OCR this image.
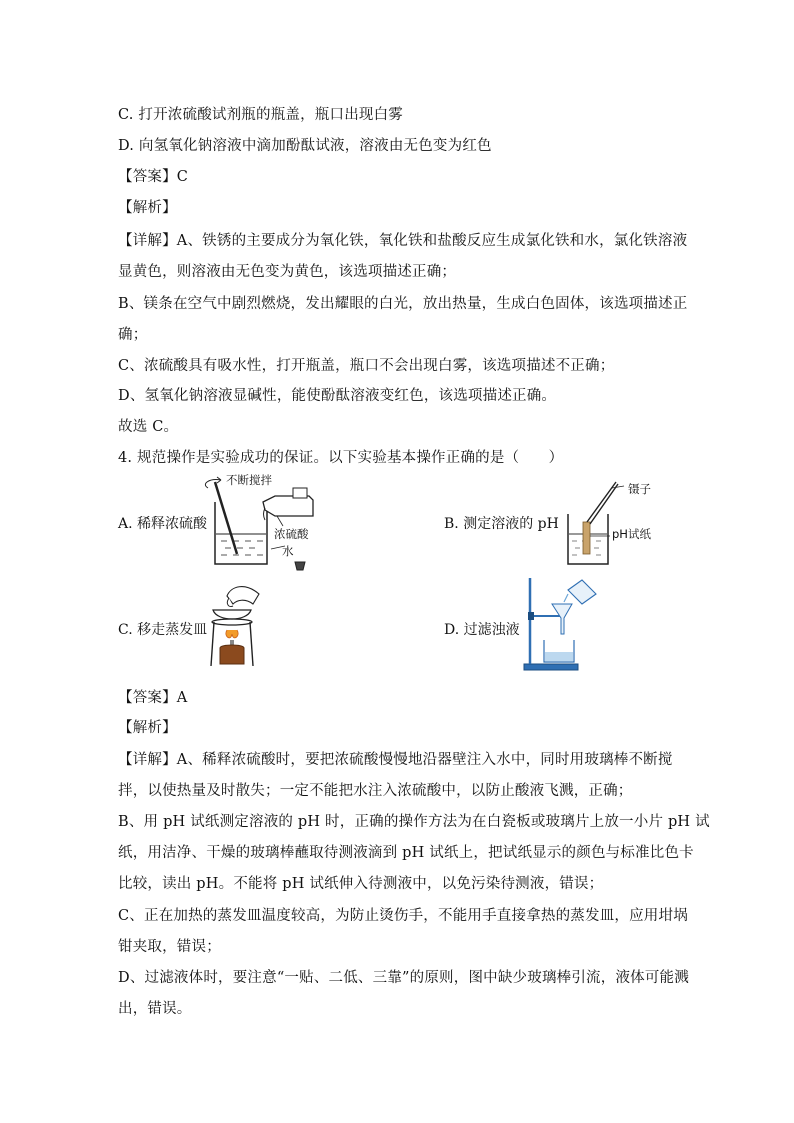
C. 打开浓硫酸试剂瓶的瓶盖，瓶口出现白雾
D. 向氢氧化钠溶液中滴加酚酞试液，溶液由无色变为红色
【答案】C
【解析】
【详解】A、铁锈的主要成分为氧化铁，氧化铁和盐酸反应生成氯化铁和水，氯化铁溶液
显黄色，则溶液由无色变为黄色，该选项描述正确；
B、镁条在空气中剧烈燃烧，发出耀眼的白光，放出热量，生成白色固体，该选项描述正
确；
C、浓硫酸具有吸水性，打开瓶盖，瓶口不会出现白雾，该选项描述不正确；
D、氢氧化钠溶液显碱性，能使酚酞溶液变红色，该选项描述正确。
故选 C。
4. 规范操作是实验成功的保证。以下实验基本操作正确的是（　　）
A. 稀释浓硫酸
不断搅拌
浓硫酸
水
B. 测定溶液的 pH
镊子
pH试纸
C. 移走蒸发皿	D. 过滤浊液
【答案】A
【解析】
【详解】A、稀释浓硫酸时，要把浓硫酸慢慢地沿器壁注入水中，同时用玻璃棒不断搅
拌，以使热量及时散失；一定不能把水注入浓硫酸中，以防止酸液飞溅，正确；
B、用 pH 试纸测定溶液的 pH 时，正确的操作方法为在白瓷板或玻璃片上放一小片 pH 试
纸，用洁净、干燥的玻璃棒蘸取待测液滴到 pH 试纸上，把试纸显示的颜色与标准比色卡
比较，读出 pH。不能将 pH 试纸伸入待测液中，以免污染待测液，错误；
C、正在加热的蒸发皿温度较高，为防止烫伤手，不能用手直接拿热的蒸发皿，应用坩埚
钳夹取，错误；
D、过滤液体时，要注意“一贴、二低、三靠”的原则，图中缺少玻璃棒引流，液体可能溅
出，错误。
